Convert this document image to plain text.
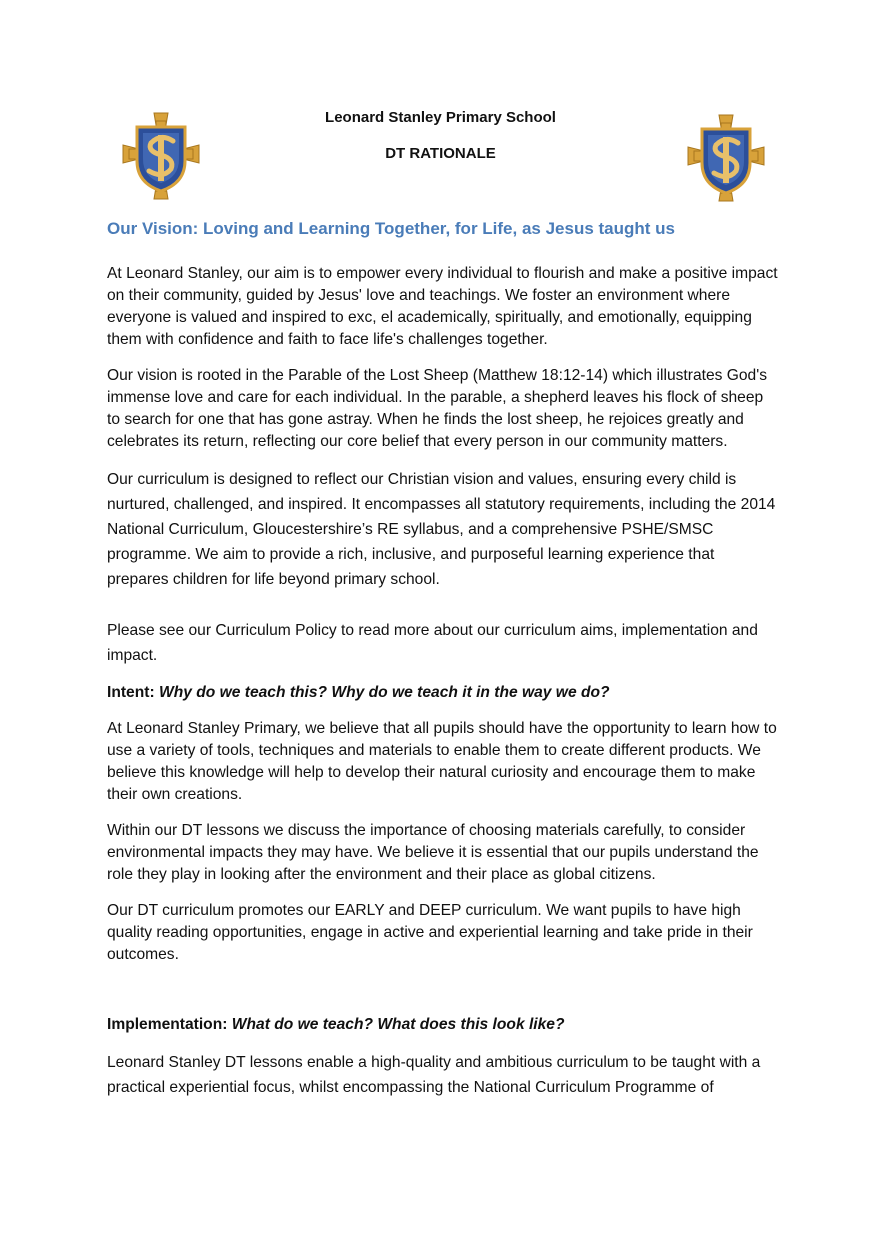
Leonard Stanley Primary School
DT RATIONALE
Our Vision: Loving and Learning Together, for Life, as Jesus taught us

At Leonard Stanley, our aim is to empower every individual to flourish and make a positive impact on their community, guided by Jesus' love and teachings. We foster an environment where everyone is valued and inspired to exc, el academically, spiritually, and emotionally, equipping them with confidence and faith to face life's challenges together.

Our vision is rooted in the Parable of the Lost Sheep (Matthew 18:12-14) which illustrates God's immense love and care for each individual. In the parable, a shepherd leaves his flock of sheep to search for one that has gone astray. When he finds the lost sheep, he rejoices greatly and celebrates its return, reflecting our core belief that every person in our community matters.

Our curriculum is designed to reflect our Christian vision and values, ensuring every child is nurtured, challenged, and inspired. It encompasses all statutory requirements, including the 2014 National Curriculum, Gloucestershire’s RE syllabus, and a comprehensive PSHE/SMSC programme. We aim to provide a rich, inclusive, and purposeful learning experience that prepares children for life beyond primary school.

Please see our Curriculum Policy to read more about our curriculum aims, implementation and impact.

Intent: Why do we teach this? Why do we teach it in the way we do?

At Leonard Stanley Primary, we believe that all pupils should have the opportunity to learn how to use a variety of tools, techniques and materials to enable them to create different products. We believe this knowledge will help to develop their natural curiosity and encourage them to make their own creations.

Within our DT lessons we discuss the importance of choosing materials carefully, to consider environmental impacts they may have. We believe it is essential that our pupils understand the role they play in looking after the environment and their place as global citizens.

Our DT curriculum promotes our EARLY and DEEP curriculum. We want pupils to have high quality reading opportunities, engage in active and experiential learning and take pride in their outcomes.

Implementation: What do we teach? What does this look like?

Leonard Stanley DT lessons enable a high-quality and ambitious curriculum to be taught with a practical experiential focus, whilst encompassing the National Curriculum Programme of
